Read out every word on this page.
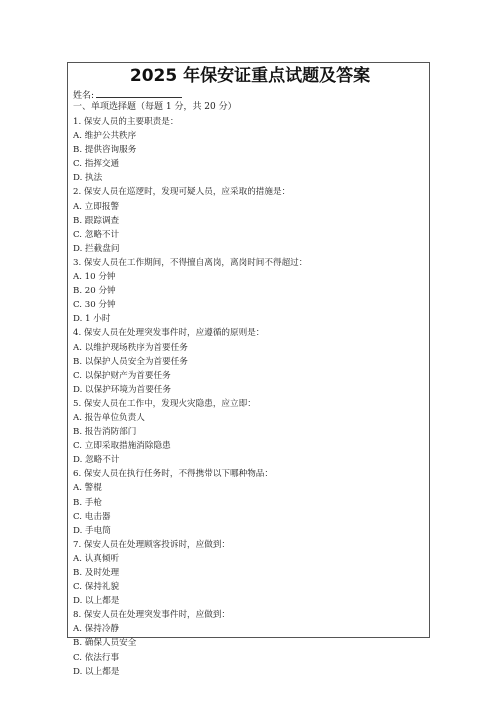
2025 年保安证重点试题及答案
姓名:
一、单项选择题（每题 1 分，共 20 分）
1. 保安人员的主要职责是：
A. 维护公共秩序
B. 提供咨询服务
C. 指挥交通
D. 执法
2. 保安人员在巡逻时，发现可疑人员，应采取的措施是：
A. 立即报警
B. 跟踪调查
C. 忽略不计
D. 拦截盘问
3. 保安人员在工作期间，不得擅自离岗，离岗时间不得超过：
A. 10 分钟
B. 20 分钟
C. 30 分钟
D. 1 小时
4. 保安人员在处理突发事件时，应遵循的原则是：
A. 以维护现场秩序为首要任务
B. 以保护人员安全为首要任务
C. 以保护财产为首要任务
D. 以保护环境为首要任务
5. 保安人员在工作中，发现火灾隐患，应立即：
A. 报告单位负责人
B. 报告消防部门
C. 立即采取措施消除隐患
D. 忽略不计
6. 保安人员在执行任务时，不得携带以下哪种物品：
A. 警棍
B. 手枪
C. 电击器
D. 手电筒
7. 保安人员在处理顾客投诉时，应做到：
A. 认真倾听
B. 及时处理
C. 保持礼貌
D. 以上都是
8. 保安人员在处理突发事件时，应做到：
A. 保持冷静
B. 确保人员安全
C. 依法行事
D. 以上都是
